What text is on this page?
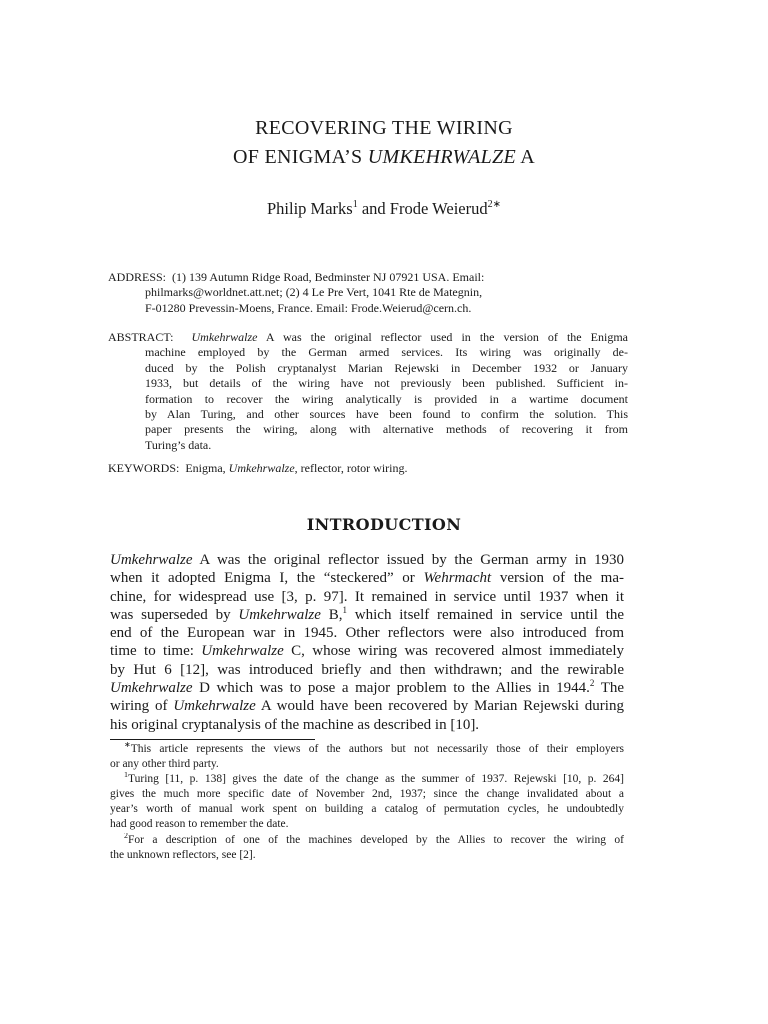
RECOVERING THE WIRING
OF ENIGMA’S UMKEHRWALZE A
Philip Marks$^1$ and Frode Weierud$^{2∗}$
ADDRESS: (1) 139 Autumn Ridge Road, Bedminster NJ 07921 USA. Email:
philmarks@worldnet.att.net; (2) 4 Le Pre Vert, 1041 Rte de Mategnin,
F-01280 Prevessin-Moens, France. Email: Frode.Weierud@cern.ch.
ABSTRACT: Umkehrwalze A was the original reflector used in the version of the Enigma
machine employed by the German armed services. Its wiring was originally de-
duced by the Polish cryptanalyst Marian Rejewski in December 1932 or January
1933, but details of the wiring have not previously been published. Sufficient in-
formation to recover the wiring analytically is provided in a wartime document
by Alan Turing, and other sources have been found to confirm the solution. This
paper presents the wiring, along with alternative methods of recovering it from
Turing’s data.
KEYWORDS: Enigma, Umkehrwalze, reflector, rotor wiring.
INTRODUCTION
Umkehrwalze A was the original reflector issued by the German army in 1930
when it adopted Enigma I, the “steckered” or Wehrmacht version of the ma-
chine, for widespread use [3, p. 97]. It remained in service until 1937 when it
was superseded by Umkehrwalze B,$^1$ which itself remained in service until the
end of the European war in 1945. Other reflectors were also introduced from
time to time: Umkehrwalze C, whose wiring was recovered almost immediately
by Hut 6 [12], was introduced briefly and then withdrawn; and the rewirable
Umkehrwalze D which was to pose a major problem to the Allies in 1944.$^2$ The
wiring of Umkehrwalze A would have been recovered by Marian Rejewski during
his original cryptanalysis of the machine as described in [10].
∗This article represents the views of the authors but not necessarily those of their employers
or any other third party.
$^1$Turing [11, p. 138] gives the date of the change as the summer of 1937. Rejewski [10, p. 264]
gives the much more specific date of November 2nd, 1937; since the change invalidated about a
year’s worth of manual work spent on building a catalog of permutation cycles, he undoubtedly
had good reason to remember the date.
$^2$For a description of one of the machines developed by the Allies to recover the wiring of
the unknown reflectors, see [2].
